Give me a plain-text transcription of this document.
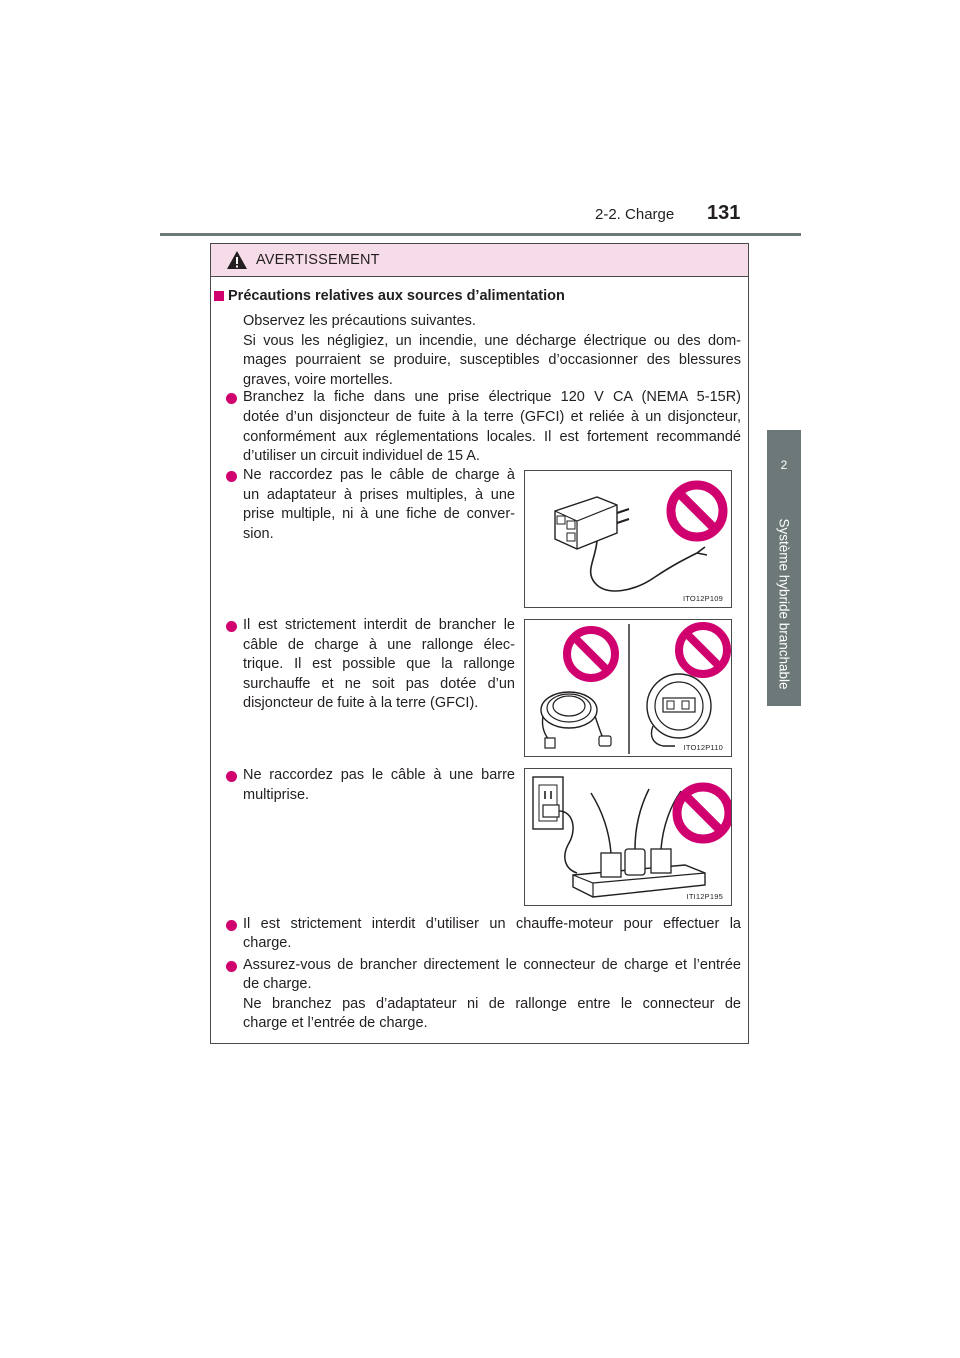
2-2. Charge 131
2
Système hybride branchable
AVERTISSEMENT
Précautions relatives aux sources d’alimentation
Observez les précautions suivantes.
Si vous les négligiez, un incendie, une décharge électrique ou des dom-
mages pourraient se produire, susceptibles d’occasionner des blessures
graves, voire mortelles.
Branchez la fiche dans une prise électrique 120 V CA (NEMA 5-15R)
dotée d’un disjoncteur de fuite à la terre (GFCI) et reliée à un disjoncteur,
conformément aux réglementations locales. Il est fortement recommandé
d’utiliser un circuit individuel de 15 A.
Ne raccordez pas le câble de charge à
un adaptateur à prises multiples, à une
prise multiple, ni à une fiche de conver-
sion.
ITO12P109
Il est strictement interdit de brancher le
câble de charge à une rallonge élec-
trique. Il est possible que la rallonge
surchauffe et ne soit pas dotée d’un
disjoncteur de fuite à la terre (GFCI).
ITO12P110
Ne raccordez pas le câble à une barre
multiprise.
ITI12P195
Il est strictement interdit d’utiliser un chauffe-moteur pour effectuer la
charge.
Assurez-vous de brancher directement le connecteur de charge et l’entrée
de charge.
Ne branchez pas d’adaptateur ni de rallonge entre le connecteur de
charge et l’entrée de charge.
